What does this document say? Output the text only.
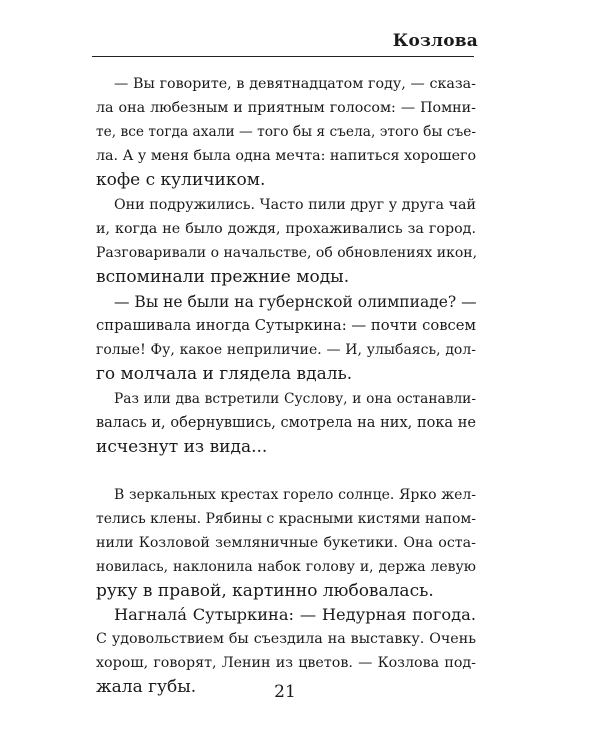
Козлова
— Вы говорите, в девятнадцатом году, — сказа-
ла она любезным и приятным голосом: — Помни-
те, все тогда ахали — того бы я съела, этого бы съе-
ла. А у меня была одна мечта: напиться хорошего
кофе с куличиком.
Они подружились. Часто пили друг у друга чай
и, когда не было дождя, прохаживались за город.
Разговаривали о начальстве, об обновлениях икон,
вспоминали прежние моды.
— Вы не были на губернской олимпиаде? —
спрашивала иногда Сутыркина: — почти совсем
голые! Фу, какое неприличие. — И, улыбаясь, дол-
го молчала и глядела вдаль.
Раз или два встретили Суслову, и она останавли-
валась и, обернувшись, смотрела на них, пока не
исчезнут из вида...
В зеркальных крестах горело солнце. Ярко жел-
телись клены. Рябины с красными кистями напом-
нили Козловой земляничные букетики. Она оста-
новилась, наклонила набок голову и, держа левую
руку в правой, картинно любовалась.
Нагнала́ Сутыркина: — Недурная погода.
С удовольствием бы съездила на выставку. Очень
хорош, говорят, Ленин из цветов. — Козлова под-
жала губы.	21
